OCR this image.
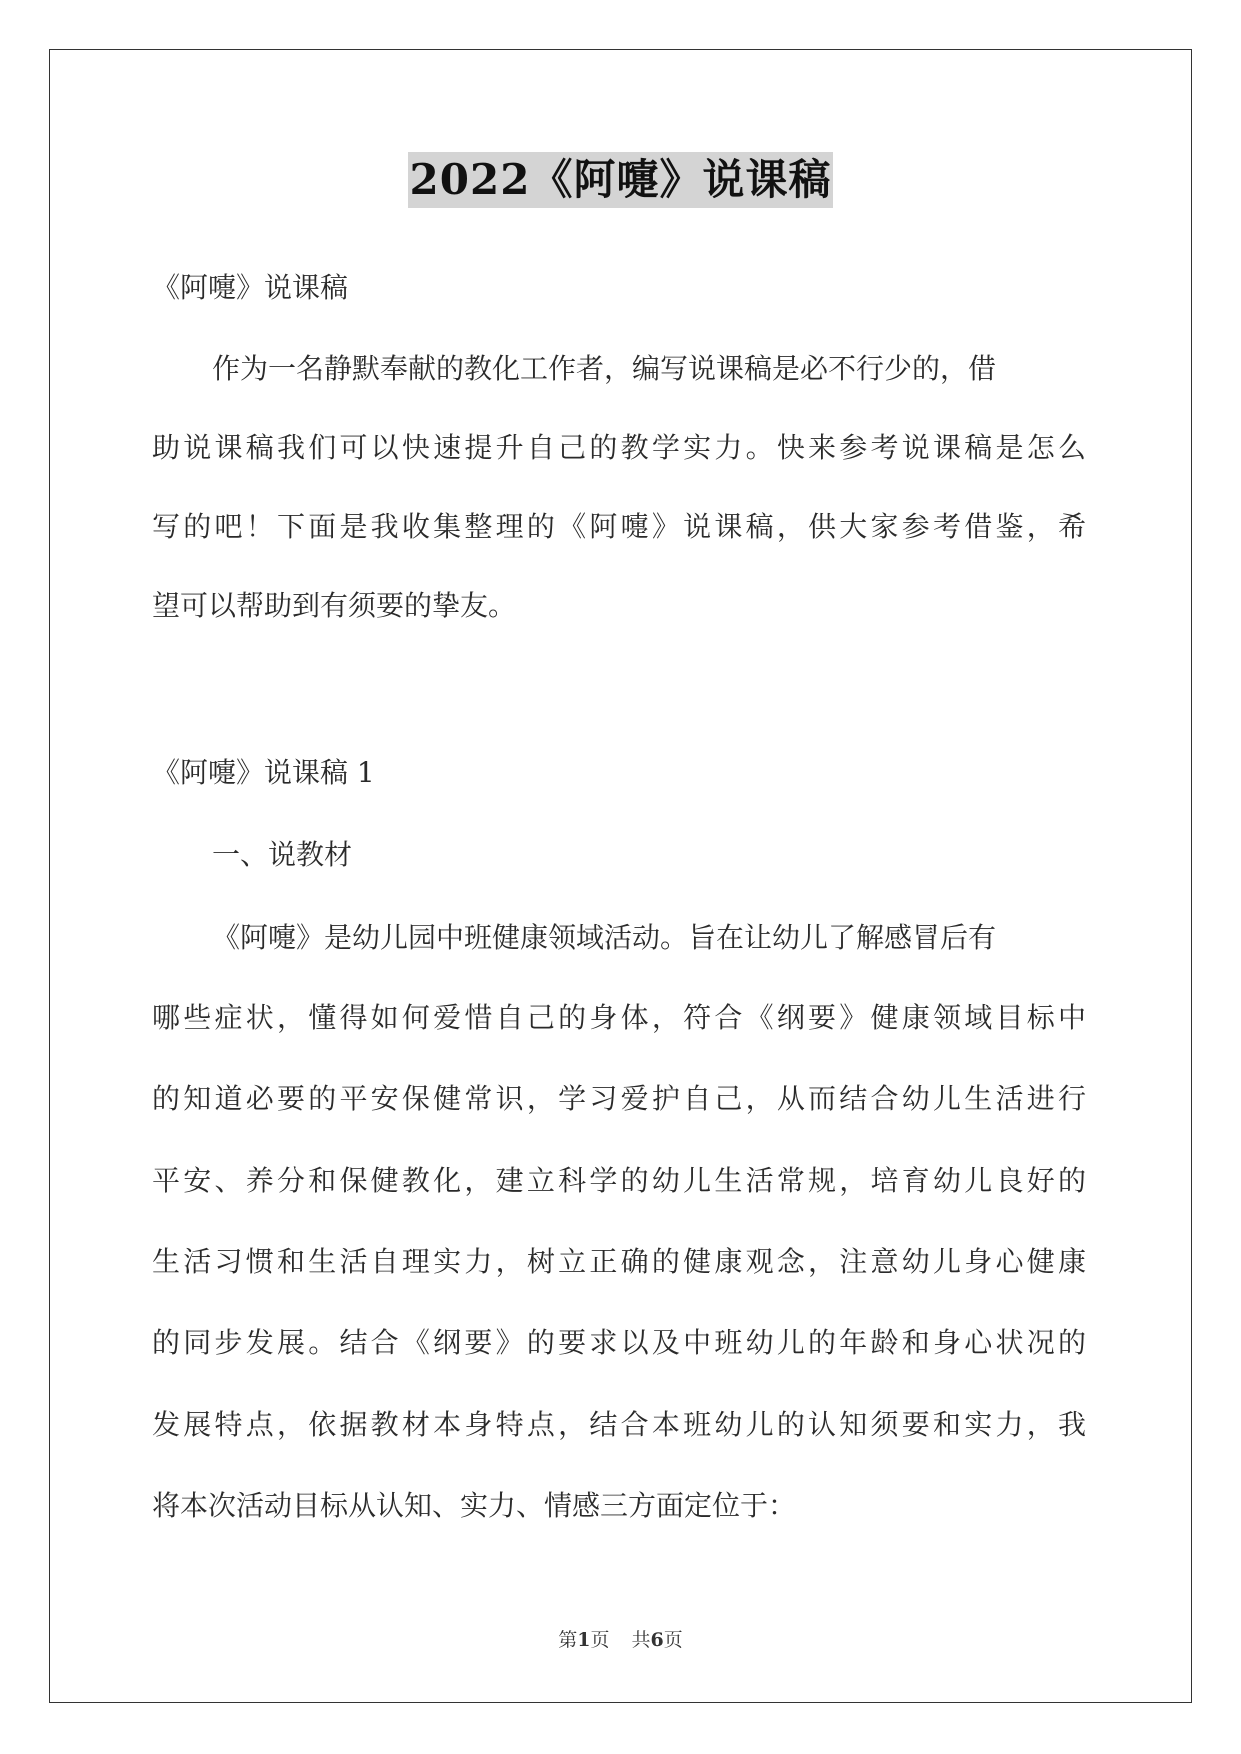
2022《阿嚏》说课稿
《阿嚏》说课稿
作为一名静默奉献的教化工作者，编写说课稿是必不行少的，借
助说课稿我们可以快速提升自己的教学实力。快来参考说课稿是怎么
写的吧！下面是我收集整理的《阿嚏》说课稿，供大家参考借鉴，希
望可以帮助到有须要的挚友。
《阿嚏》说课稿 1
一、说教材
《阿嚏》是幼儿园中班健康领域活动。旨在让幼儿了解感冒后有
哪些症状，懂得如何爱惜自己的身体，符合《纲要》健康领域目标中
的知道必要的平安保健常识，学习爱护自己，从而结合幼儿生活进行
平安、养分和保健教化，建立科学的幼儿生活常规，培育幼儿良好的
生活习惯和生活自理实力，树立正确的健康观念，注意幼儿身心健康
的同步发展。结合《纲要》的要求以及中班幼儿的年龄和身心状况的
发展特点，依据教材本身特点，结合本班幼儿的认知须要和实力，我
将本次活动目标从认知、实力、情感三方面定位于：
第1页 共6页
